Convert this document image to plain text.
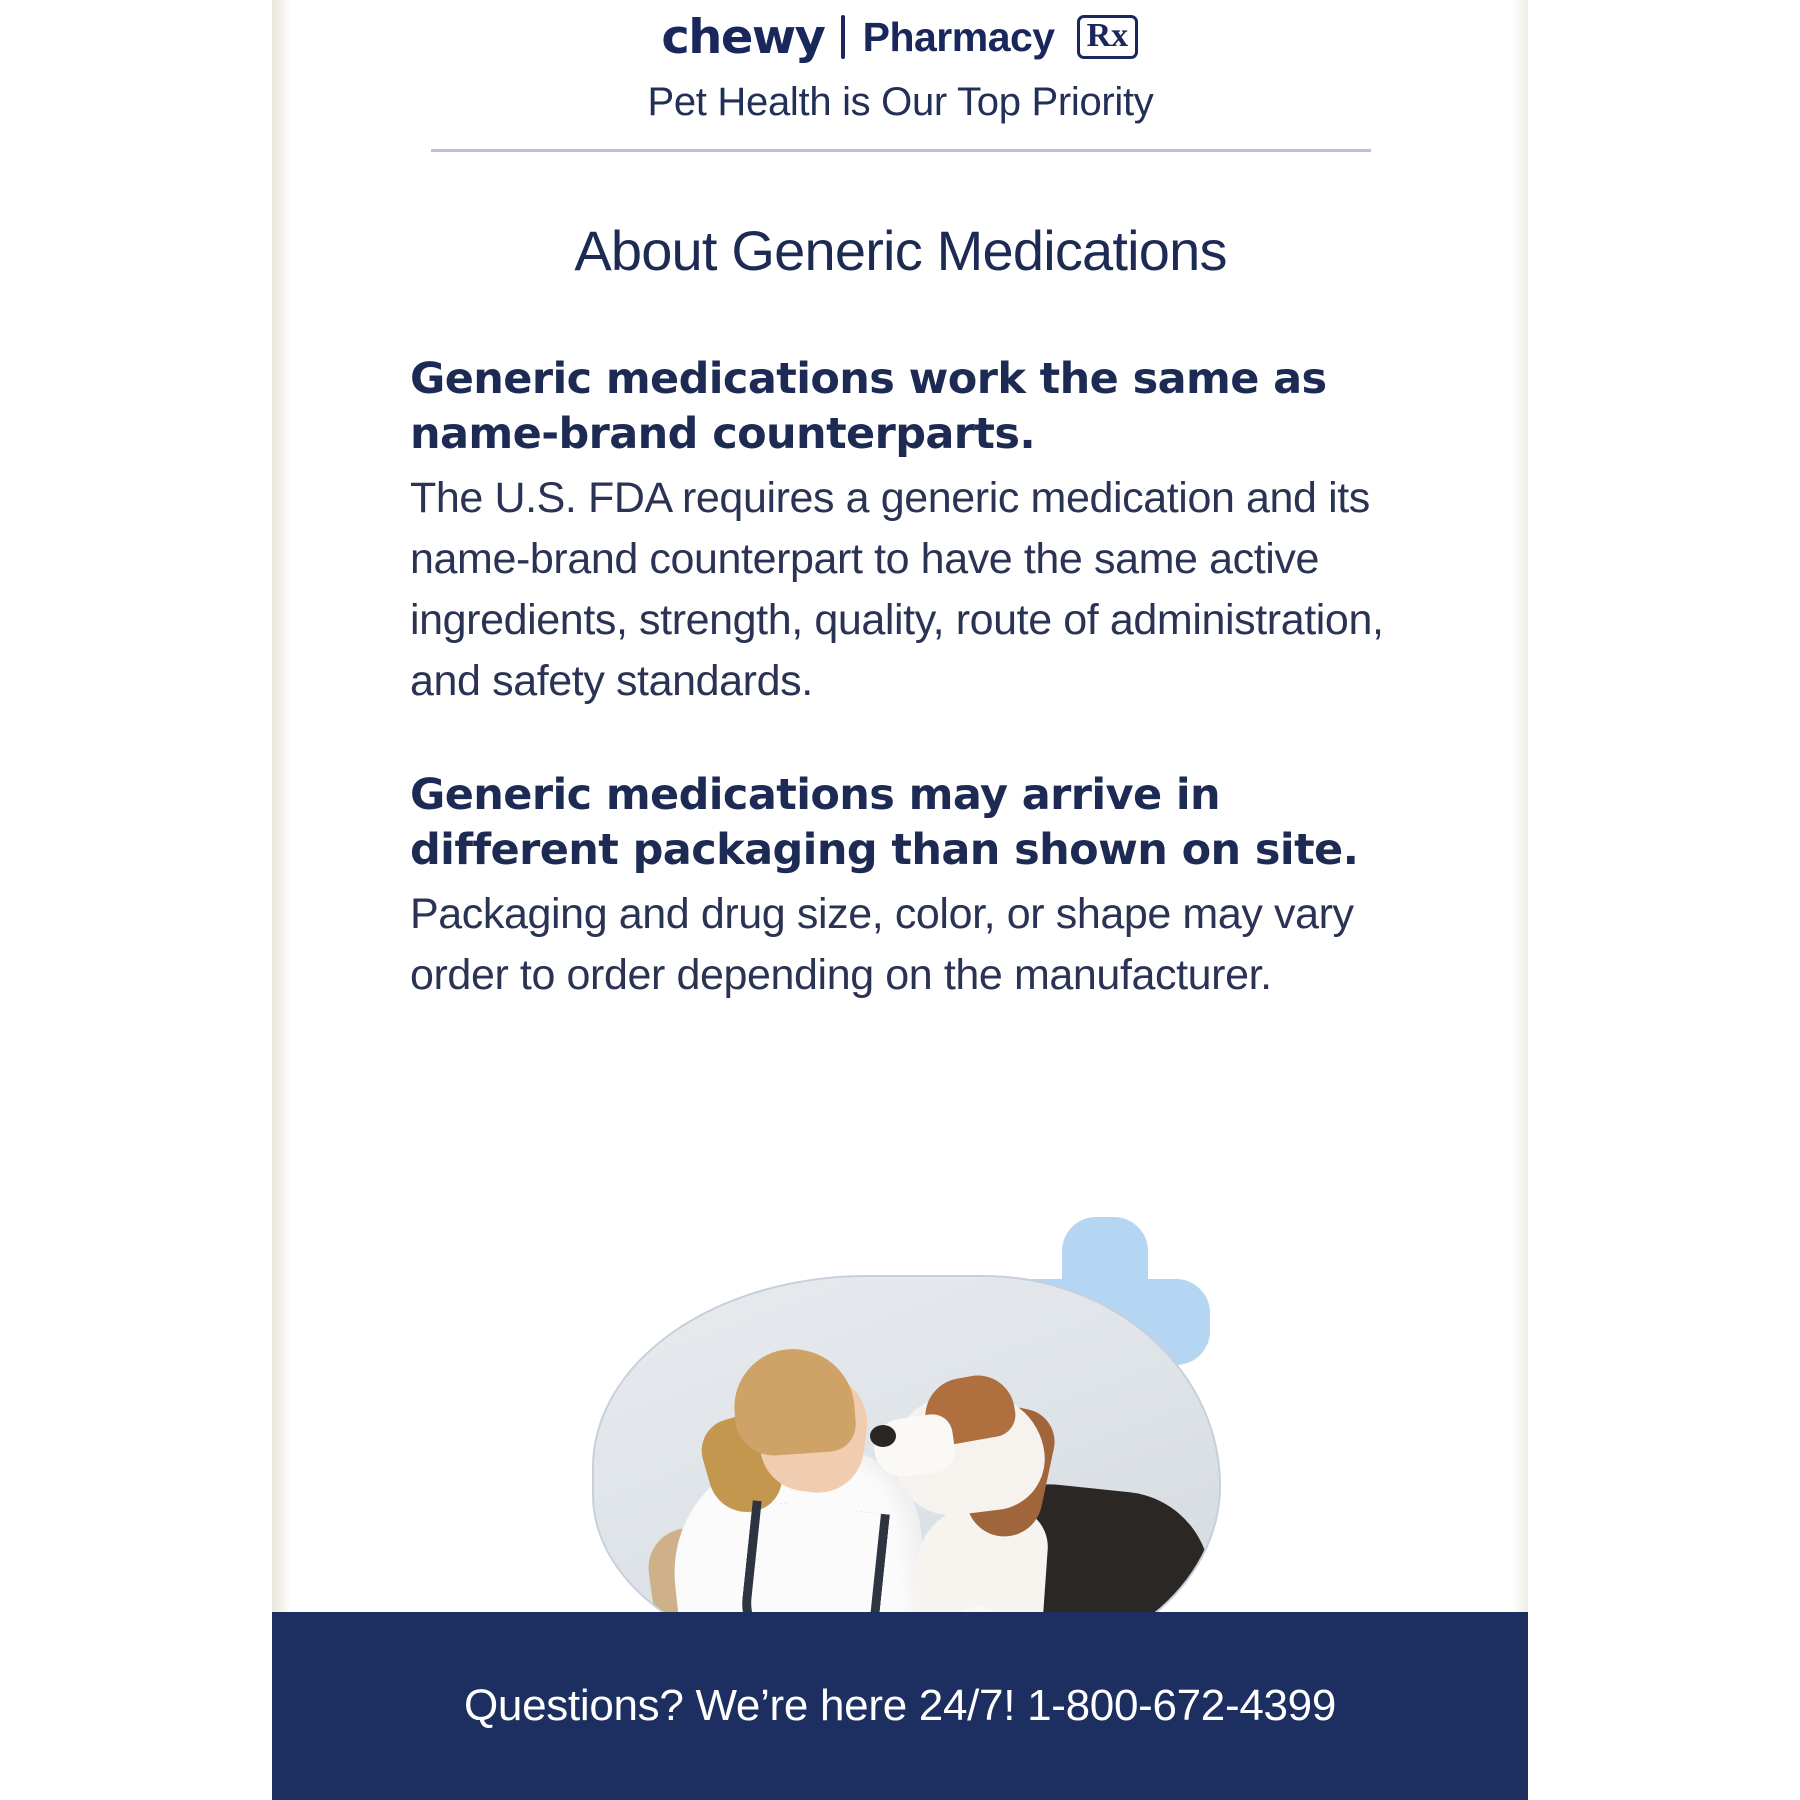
chewy Pharmacy Rx
Pet Health is Our Top Priority
About Generic Medications

Generic medications work the same as name-brand counterparts.

The U.S. FDA requires a generic medication and its name-brand counterpart to have the same active ingredients, strength, quality, route of administration, and safety standards.

Generic medications may arrive in different packaging than shown on site.

Packaging and drug size, color, or shape may vary order to order depending on the manufacturer.

Questions? We’re here 24/7! 1-800-672-4399
